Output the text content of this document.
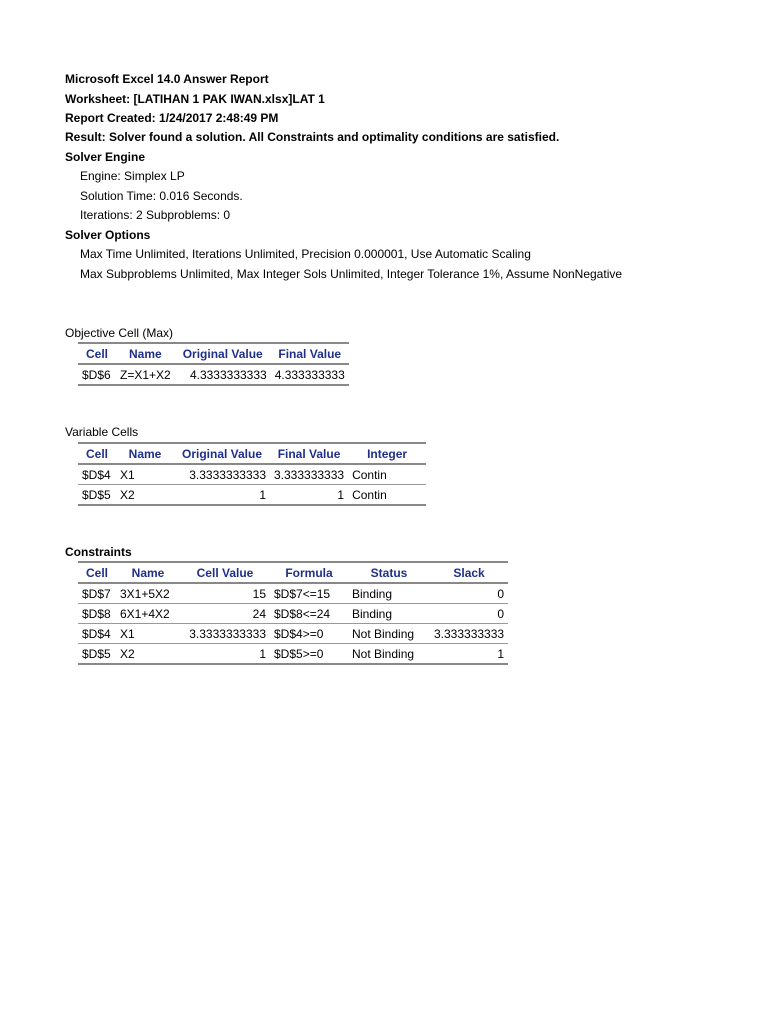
Microsoft Excel 14.0 Answer Report
Worksheet: [LATIHAN 1 PAK IWAN.xlsx]LAT 1
Report Created: 1/24/2017 2:48:49 PM
Result: Solver found a solution. All Constraints and optimality conditions are satisfied.
Solver Engine
Engine: Simplex LP
Solution Time: 0.016 Seconds.
Iterations: 2 Subproblems: 0
Solver Options
Max Time Unlimited, Iterations Unlimited, Precision 0.000001, Use Automatic Scaling
Max Subproblems Unlimited, Max Integer Sols Unlimited, Integer Tolerance 1%, Assume NonNegative
Objective Cell (Max)
Cell	Name	Original Value	Final Value
$D$6	Z=X1+X2	4.3333333333	4.333333333
Variable Cells
Cell	Name	Original Value	Final Value	Integer
$D$4	X1	3.3333333333	3.333333333	Contin
$D$5	X2	1	1	Contin
Constraints
Cell	Name	Cell Value	Formula	Status	Slack
$D$7	3X1+5X2	15	$D$7<=15	Binding	0
$D$8	6X1+4X2	24	$D$8<=24	Binding	0
$D$4	X1	3.3333333333	$D$4>=0	Not Binding	3.333333333
$D$5	X2	1	$D$5>=0	Not Binding	1
